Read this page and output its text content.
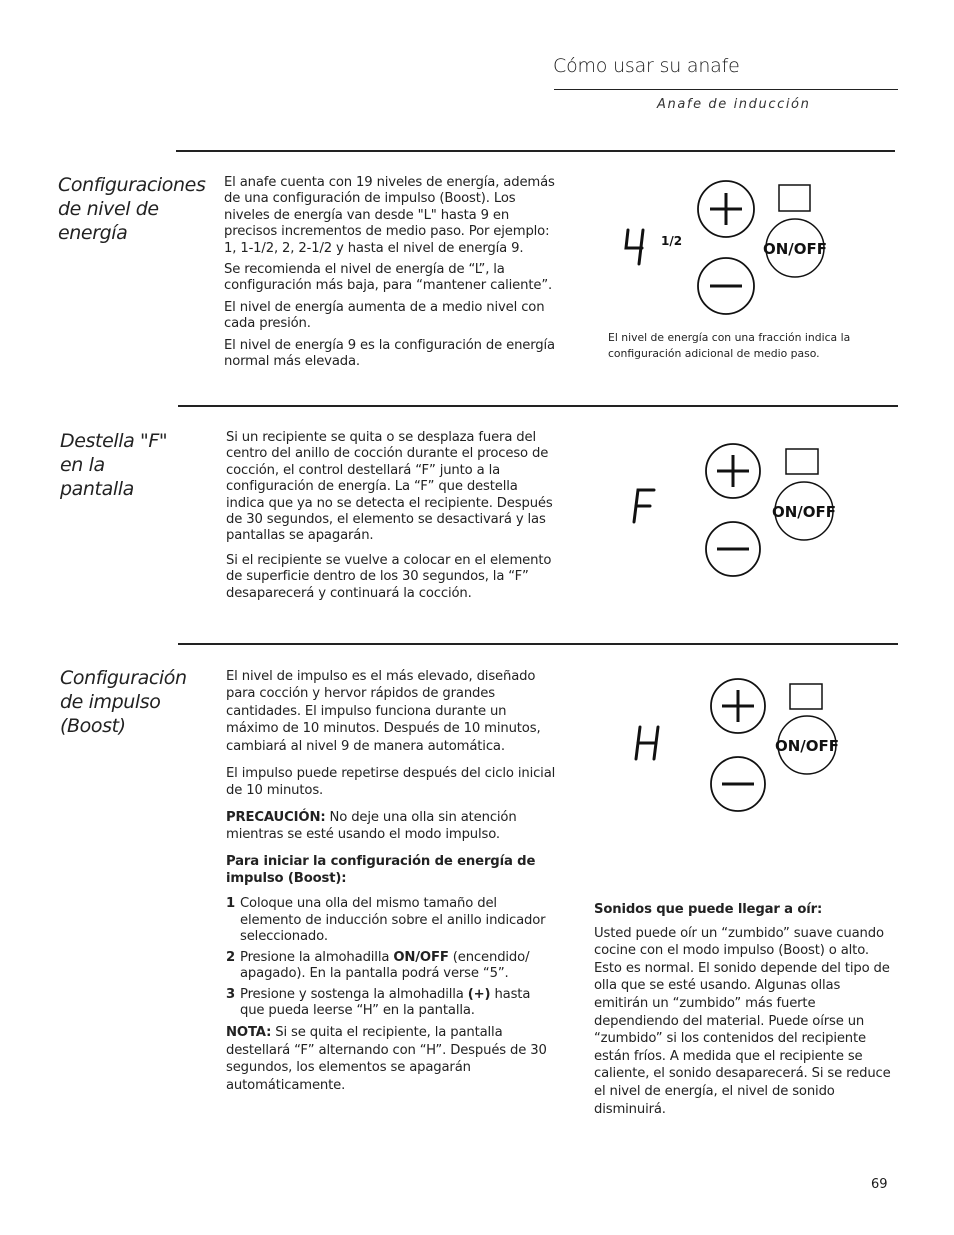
Cómo usar su anafe
Anafe de inducción
Configuraciones
de nivel de
energía

El anafe cuenta con 19 niveles de energía, además de una configuración de impulso (Boost). Los niveles de energía van desde "L" hasta 9 en precisos incrementos de medio paso. Por ejemplo: 1, 1-1/2, 2, 2-1/2 y hasta el nivel de energía 9.

Se recomienda el nivel de energía de “L”, la configuración más baja, para “mantener caliente”.

El nivel de energía aumenta de a medio nivel con cada presión.

El nivel de energía 9 es la configuración de energía normal más elevada.

1/2	ON/OFF
El nivel de energía con una fracción indica la configuración adicional de medio paso.
Destella "F"
en la
pantalla

Si un recipiente se quita o se desplaza fuera del centro del anillo de cocción durante el proceso de cocción, el control destellará “F” junto a la configuración de energía. La “F” que destella indica que ya no se detecta el recipiente. Después de 30 segundos, el elemento se desactivará y las pantallas se apagarán.

Si el recipiente se vuelve a colocar en el elemento de superficie dentro de los 30 segundos, la “F” desaparecerá y continuará la cocción.

F
ON/OFF
Configuración
de impulso
(Boost)

El nivel de impulso es el más elevado, diseñado para cocción y hervor rápidos de grandes cantidades. El impulso funciona durante un máximo de 10 minutos. Después de 10 minutos, cambiará al nivel 9 de manera automática.

El impulso puede repetirse después del ciclo inicial de 10 minutos.

PRECAUCIÓN: No deje una olla sin atención mientras se esté usando el modo impulso.

Para iniciar la configuración de energía de impulso (Boost):

1 Coloque una olla del mismo tamaño del elemento de inducción sobre el anillo indicador seleccionado.
2 Presione la almohadilla ON/OFF (encendido/ apagado). En la pantalla podrá verse “5”.
3 Presione y sostenga la almohadilla (+) hasta que pueda leerse “H” en la pantalla.

NOTA: Si se quita el recipiente, la pantalla destellará “F” alternando con “H”. Después de 30 segundos, los elementos se apagarán automáticamente.

H
ON/OFF

Sonidos que puede llegar a oír:

Usted puede oír un “zumbido” suave cuando cocine con el modo impulso (Boost) o alto. Esto es normal. El sonido depende del tipo de olla que se esté usando. Algunas ollas emitirán un “zumbido” más fuerte dependiendo del material. Puede oírse un “zumbido” si los contenidos del recipiente están fríos. A medida que el recipiente se caliente, el sonido desaparecerá. Si se reduce el nivel de energía, el nivel de sonido disminuirá.

69
